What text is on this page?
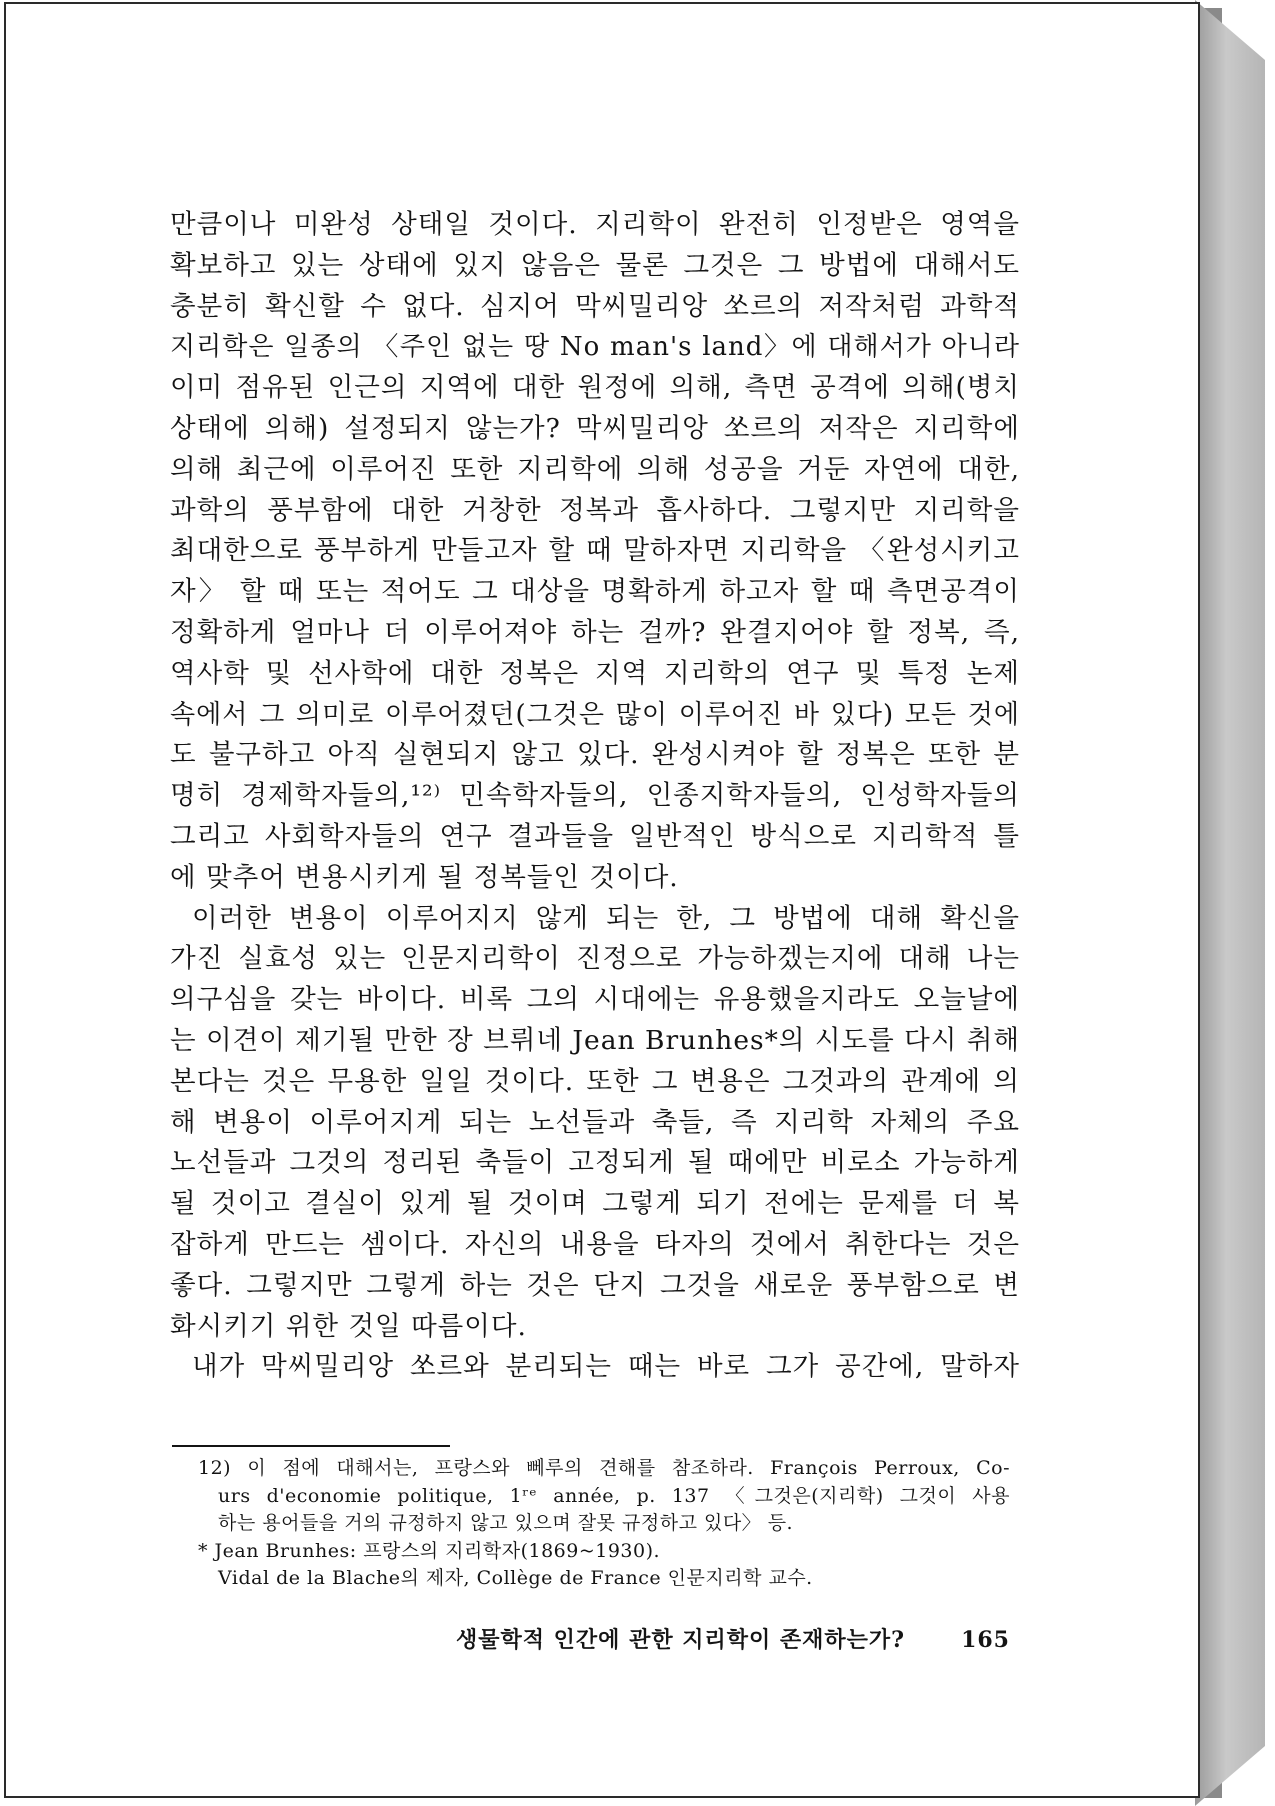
만큼이나 미완성 상태일 것이다. 지리학이 완전히 인정받은 영역을
확보하고 있는 상태에 있지 않음은 물론 그것은 그 방법에 대해서도
충분히 확신할 수 없다. 심지어 막씨밀리앙 쏘르의 저작처럼 과학적
지리학은 일종의 〈주인 없는 땅 No man's land〉에 대해서가 아니라
이미 점유된 인근의 지역에 대한 원정에 의해, 측면 공격에 의해(병치
상태에 의해) 설정되지 않는가? 막씨밀리앙 쏘르의 저작은 지리학에
의해 최근에 이루어진 또한 지리학에 의해 성공을 거둔 자연에 대한,
과학의 풍부함에 대한 거창한 정복과 흡사하다. 그렇지만 지리학을
최대한으로 풍부하게 만들고자 할 때 말하자면 지리학을 〈완성시키고
자〉 할 때 또는 적어도 그 대상을 명확하게 하고자 할 때 측면공격이
정확하게 얼마나 더 이루어져야 하는 걸까? 완결지어야 할 정복, 즉,
역사학 및 선사학에 대한 정복은 지역 지리학의 연구 및 특정 논제
속에서 그 의미로 이루어졌던(그것은 많이 이루어진 바 있다) 모든 것에
도 불구하고 아직 실현되지 않고 있다. 완성시켜야 할 정복은 또한 분
명히 경제학자들의,¹²⁾ 민속학자들의, 인종지학자들의, 인성학자들의
그리고 사회학자들의 연구 결과들을 일반적인 방식으로 지리학적 틀
에 맞추어 변용시키게 될 정복들인 것이다.
이러한 변용이 이루어지지 않게 되는 한, 그 방법에 대해 확신을
가진 실효성 있는 인문지리학이 진정으로 가능하겠는지에 대해 나는
의구심을 갖는 바이다. 비록 그의 시대에는 유용했을지라도 오늘날에
는 이견이 제기될 만한 장 브뤼네 Jean Brunhes*의 시도를 다시 취해
본다는 것은 무용한 일일 것이다. 또한 그 변용은 그것과의 관계에 의
해 변용이 이루어지게 되는 노선들과 축들, 즉 지리학 자체의 주요
노선들과 그것의 정리된 축들이 고정되게 될 때에만 비로소 가능하게
될 것이고 결실이 있게 될 것이며 그렇게 되기 전에는 문제를 더 복
잡하게 만드는 셈이다. 자신의 내용을 타자의 것에서 취한다는 것은
좋다. 그렇지만 그렇게 하는 것은 단지 그것을 새로운 풍부함으로 변
화시키기 위한 것일 따름이다.
내가 막씨밀리앙 쏘르와 분리되는 때는 바로 그가 공간에, 말하자
12) 이 점에 대해서는, 프랑스와 뻬루의 견해를 참조하라. François Perroux, Co-
urs d'economie politique, 1ʳᵉ année, p. 137 〈그것은(지리학) 그것이 사용
하는 용어들을 거의 규정하지 않고 있으며 잘못 규정하고 있다〉 등.
* Jean Brunhes: 프랑스의 지리학자(1869~1930).
Vidal de la Blache의 제자, Collège de France 인문지리학 교수.
생물학적 인간에 관한 지리학이 존재하는가?	165
